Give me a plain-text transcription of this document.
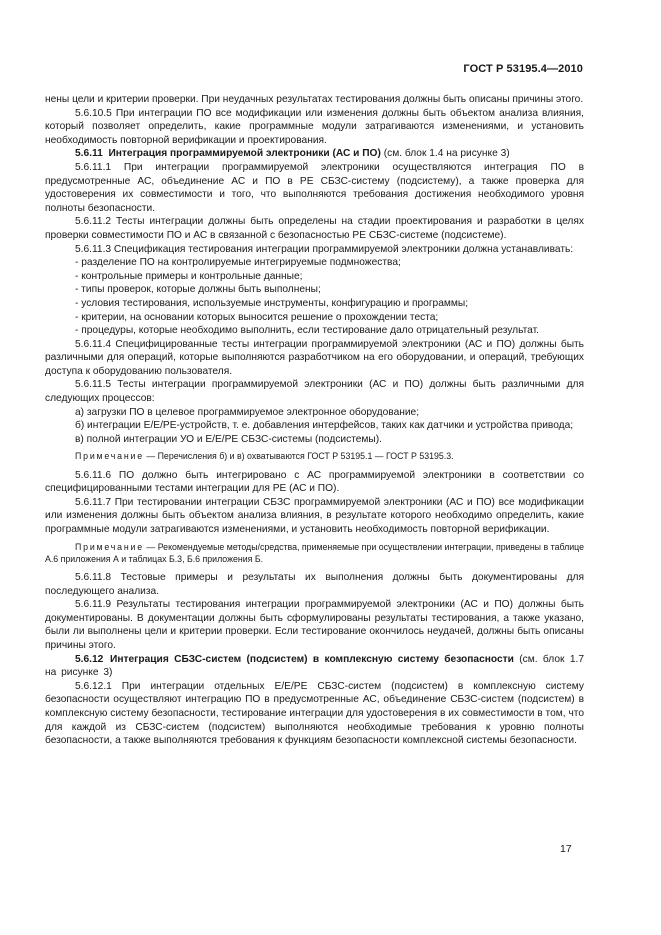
ГОСТ Р 53195.4—2010

нены цели и критерии проверки. При неудачных результатах тестирования должны быть описаны причины этого.

5.6.10.5 При интеграции ПО все модификации или изменения должны быть объектом анализа влияния, который позволяет определить, какие программные модули затрагиваются изменениями, и установить необходимость повторной верификации и проектирования.

5.6.11 Интеграция программируемой электроники (АС и ПО) (см. блок 1.4 на рисунке 3)

5.6.11.1 При интеграции программируемой электроники осуществляются интеграция ПО в предусмотренные АС, объединение АС и ПО в РЕ СБЗС-систему (подсистему), а также проверка для удостоверения их совместимости и того, что выполняются требования достижения необходимого уровня полноты безопасности.

5.6.11.2 Тесты интеграции должны быть определены на стадии проектирования и разработки в целях проверки совместимости ПО и АС в связанной с безопасностью РЕ СБЗС-системе (подсистеме).

5.6.11.3 Спецификация тестирования интеграции программируемой электроники должна устанавливать:

- разделение ПО на контролируемые интегрируемые подмножества;

- контрольные примеры и контрольные данные;

- типы проверок, которые должны быть выполнены;

- условия тестирования, используемые инструменты, конфигурацию и программы;

- критерии, на основании которых выносится решение о прохождении теста;

- процедуры, которые необходимо выполнить, если тестирование дало отрицательный результат.

5.6.11.4 Специфицированные тесты интеграции программируемой электроники (АС и ПО) должны быть различными для операций, которые выполняются разработчиком на его оборудовании, и операций, требующих доступа к оборудованию пользователя.

5.6.11.5 Тесты интеграции программируемой электроники (АС и ПО) должны быть различными для следующих процессов:

а) загрузки ПО в целевое программируемое электронное оборудование;

б) интеграции Е/Е/РЕ-устройств, т. е. добавления интерфейсов, таких как датчики и устройства привода;

в) полной интеграции УО и Е/Е/РЕ СБЗС-системы (подсистемы).

Примечание — Перечисления б) и в) охватываются ГОСТ Р 53195.1 — ГОСТ Р 53195.3.

5.6.11.6 ПО должно быть интегрировано с АС программируемой электроники в соответствии со специфицированными тестами интеграции для РЕ (АС и ПО).

5.6.11.7 При тестировании интеграции СБЗС программируемой электроники (АС и ПО) все модификации или изменения должны быть объектом анализа влияния, в результате которого необходимо определить, какие программные модули затрагиваются изменениями, и установить необходимость повторной верификации.

Примечание — Рекомендуемые методы/средства, применяемые при осуществлении интеграции, приведены в таблице А.6 приложения А и таблицах Б.3, Б.6 приложения Б.

5.6.11.8 Тестовые примеры и результаты их выполнения должны быть документированы для последующего анализа.

5.6.11.9 Результаты тестирования интеграции программируемой электроники (АС и ПО) должны быть документированы. В документации должны быть сформулированы результаты тестирования, а также указано, были ли выполнены цели и критерии проверки. Если тестирование окончилось неудачей, должны быть описаны причины этого.

5.6.12 Интеграция СБЗС-систем (подсистем) в комплексную систему безопасности (см. блок 1.7 на рисунке 3)

5.6.12.1 При интеграции отдельных Е/Е/РЕ СБЗС-систем (подсистем) в комплексную систему безопасности осуществляют интеграцию ПО в предусмотренные АС, объединение СБЗС-систем (подсистем) в комплексную систему безопасности, тестирование интеграции для удостоверения в их совместимости в том, что для каждой из СБЗС-систем (подсистем) выполняются необходимые требования к уровню полноты безопасности, а также выполняются требования к функциям безопасности комплексной системы безопасности.

17
